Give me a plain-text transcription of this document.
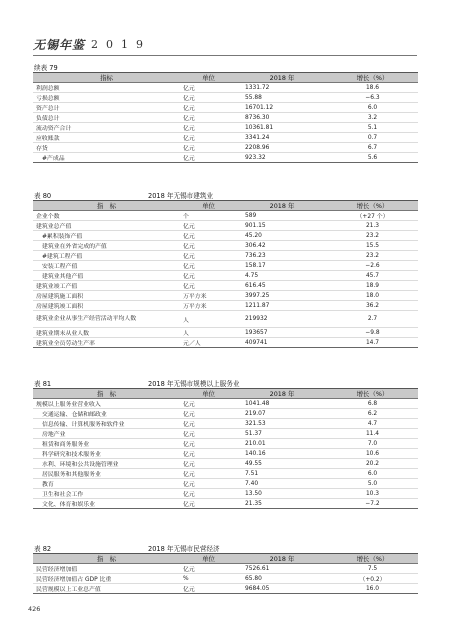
无锡年鉴 2019
426
续表 79
指标	单位	2018 年	增长（%）
利润总额	亿元	1331.72	18.6
亏损总额	亿元	55.88	−6.3
资产总计	亿元	16701.12	6.0
负债总计	亿元	8736.30	3.2
流动资产合计	亿元	10361.81	5.1
应收账款	亿元	3341.24	0.7
存货	亿元	2208.96	6.7
#产成品	亿元	923.32	5.6
表 80	2018 年无锡市建筑业
指　标	单位	2018 年	增长（%）
企业个数	个	589	（+27 个）
建筑业总产值	亿元	901.15	21.3
#累积装饰产值	亿元	45.20	23.2
建筑业在外省完成的产值	亿元	306.42	15.5
#建筑工程产值	亿元	736.23	23.2
安装工程产值	亿元	158.17	−2.6
建筑业其他产值	亿元	4.75	45.7
建筑业竣工产值	亿元	616.45	18.9
房屋建筑施工面积	万平方米	3997.25	18.0
房屋建筑竣工面积	万平方米	1211.87	36.2
建筑业企业从事生产经营活动平均人数	人	219932	2.7
建筑业期末从业人数	人	193657	−9.8
建筑业全员劳动生产率	元／人	409741	14.7
表 81	2018 年无锡市规模以上服务业
指　标	单位	2018 年	增长（%）
规模以上服务业营业收入	亿元	1041.48	6.8
交通运输、仓储和邮政业	亿元	219.07	6.2
信息传输、计算机服务和软件业	亿元	321.53	4.7
房地产业	亿元	51.37	11.4
租赁和商务服务业	亿元	210.01	7.0
科学研究和技术服务业	亿元	140.16	10.6
水利、环境和公共设施管理业	亿元	49.55	20.2
居民服务和其他服务业	亿元	7.51	6.0
教育	亿元	7.40	5.0
卫生和社会工作	亿元	13.50	10.3
文化、体育和娱乐业	亿元	21.35	−7.2
表 82	2018 年无锡市民营经济
指　标	单位	2018 年	增长（%）
民营经济增加值	亿元	7526.61	7.5
民营经济增加值占 GDP 比重	%	65.80	（+0.2）
民营规模以上工业总产值	亿元	9684.05	16.0
